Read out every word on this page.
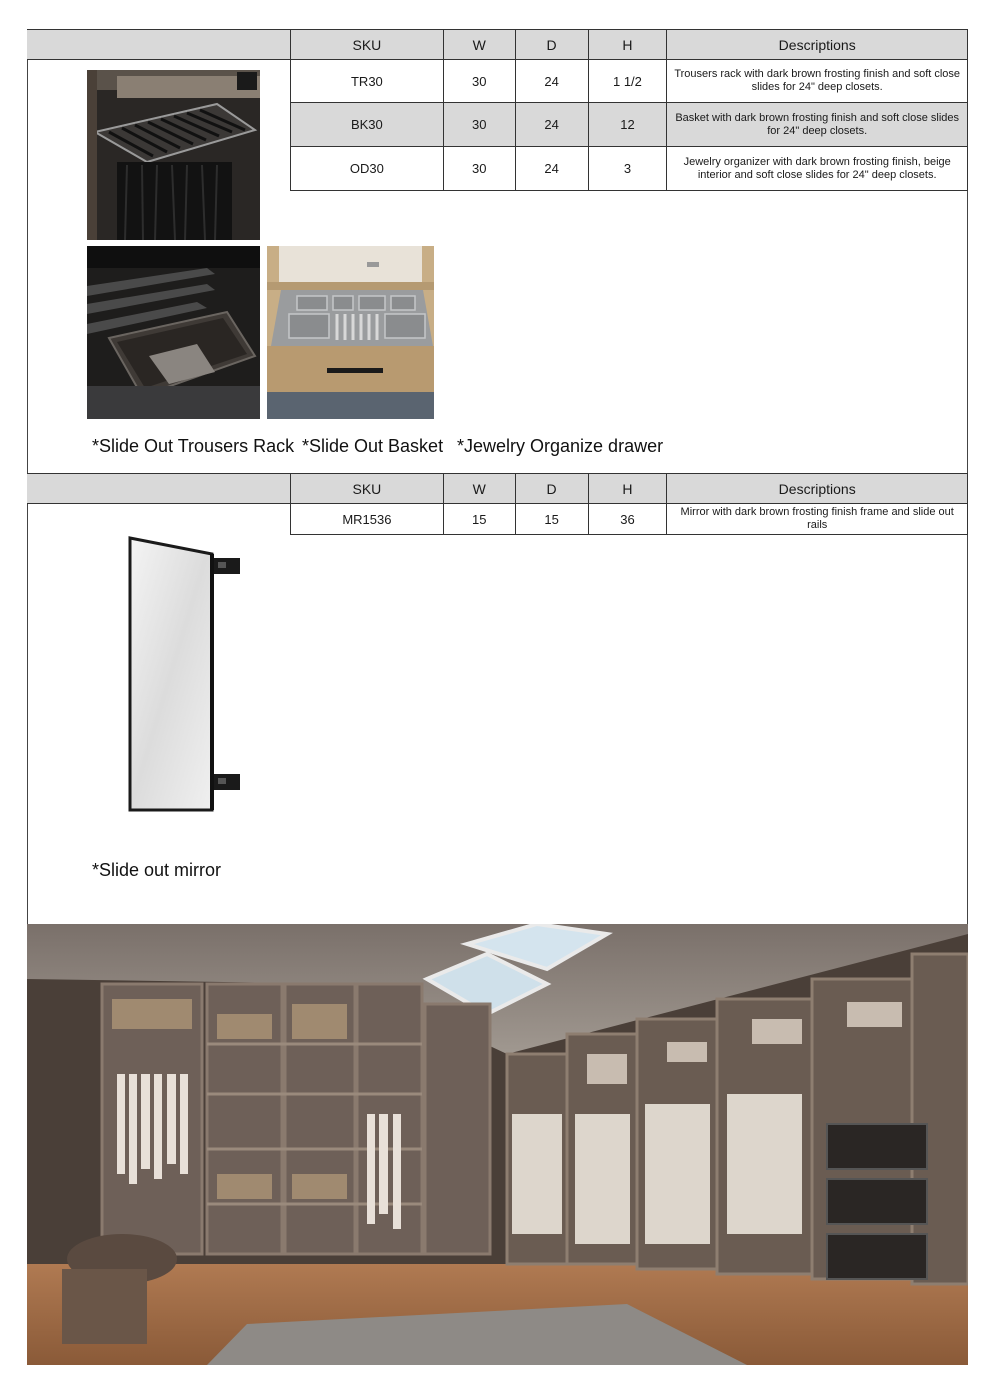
SKU	W	D	H	Descriptions
TR30	30	24	1 1/2	Trousers rack with dark brown frosting finish and soft close slides for 24" deep closets.
BK30	30	24	12	Basket with dark brown frosting finish and soft close slides for 24" deep closets.
OD30	30	24	3	Jewelry organizer with dark brown frosting finish, beige interior and soft close slides for 24" deep closets.
*Slide Out Trousers Rack *Slide Out Basket *Jewelry Organize drawer
SKU	W	D	H	Descriptions
MR1536	15	15	36	Mirror with dark brown frosting finish frame and slide out rails
*Slide out mirror
